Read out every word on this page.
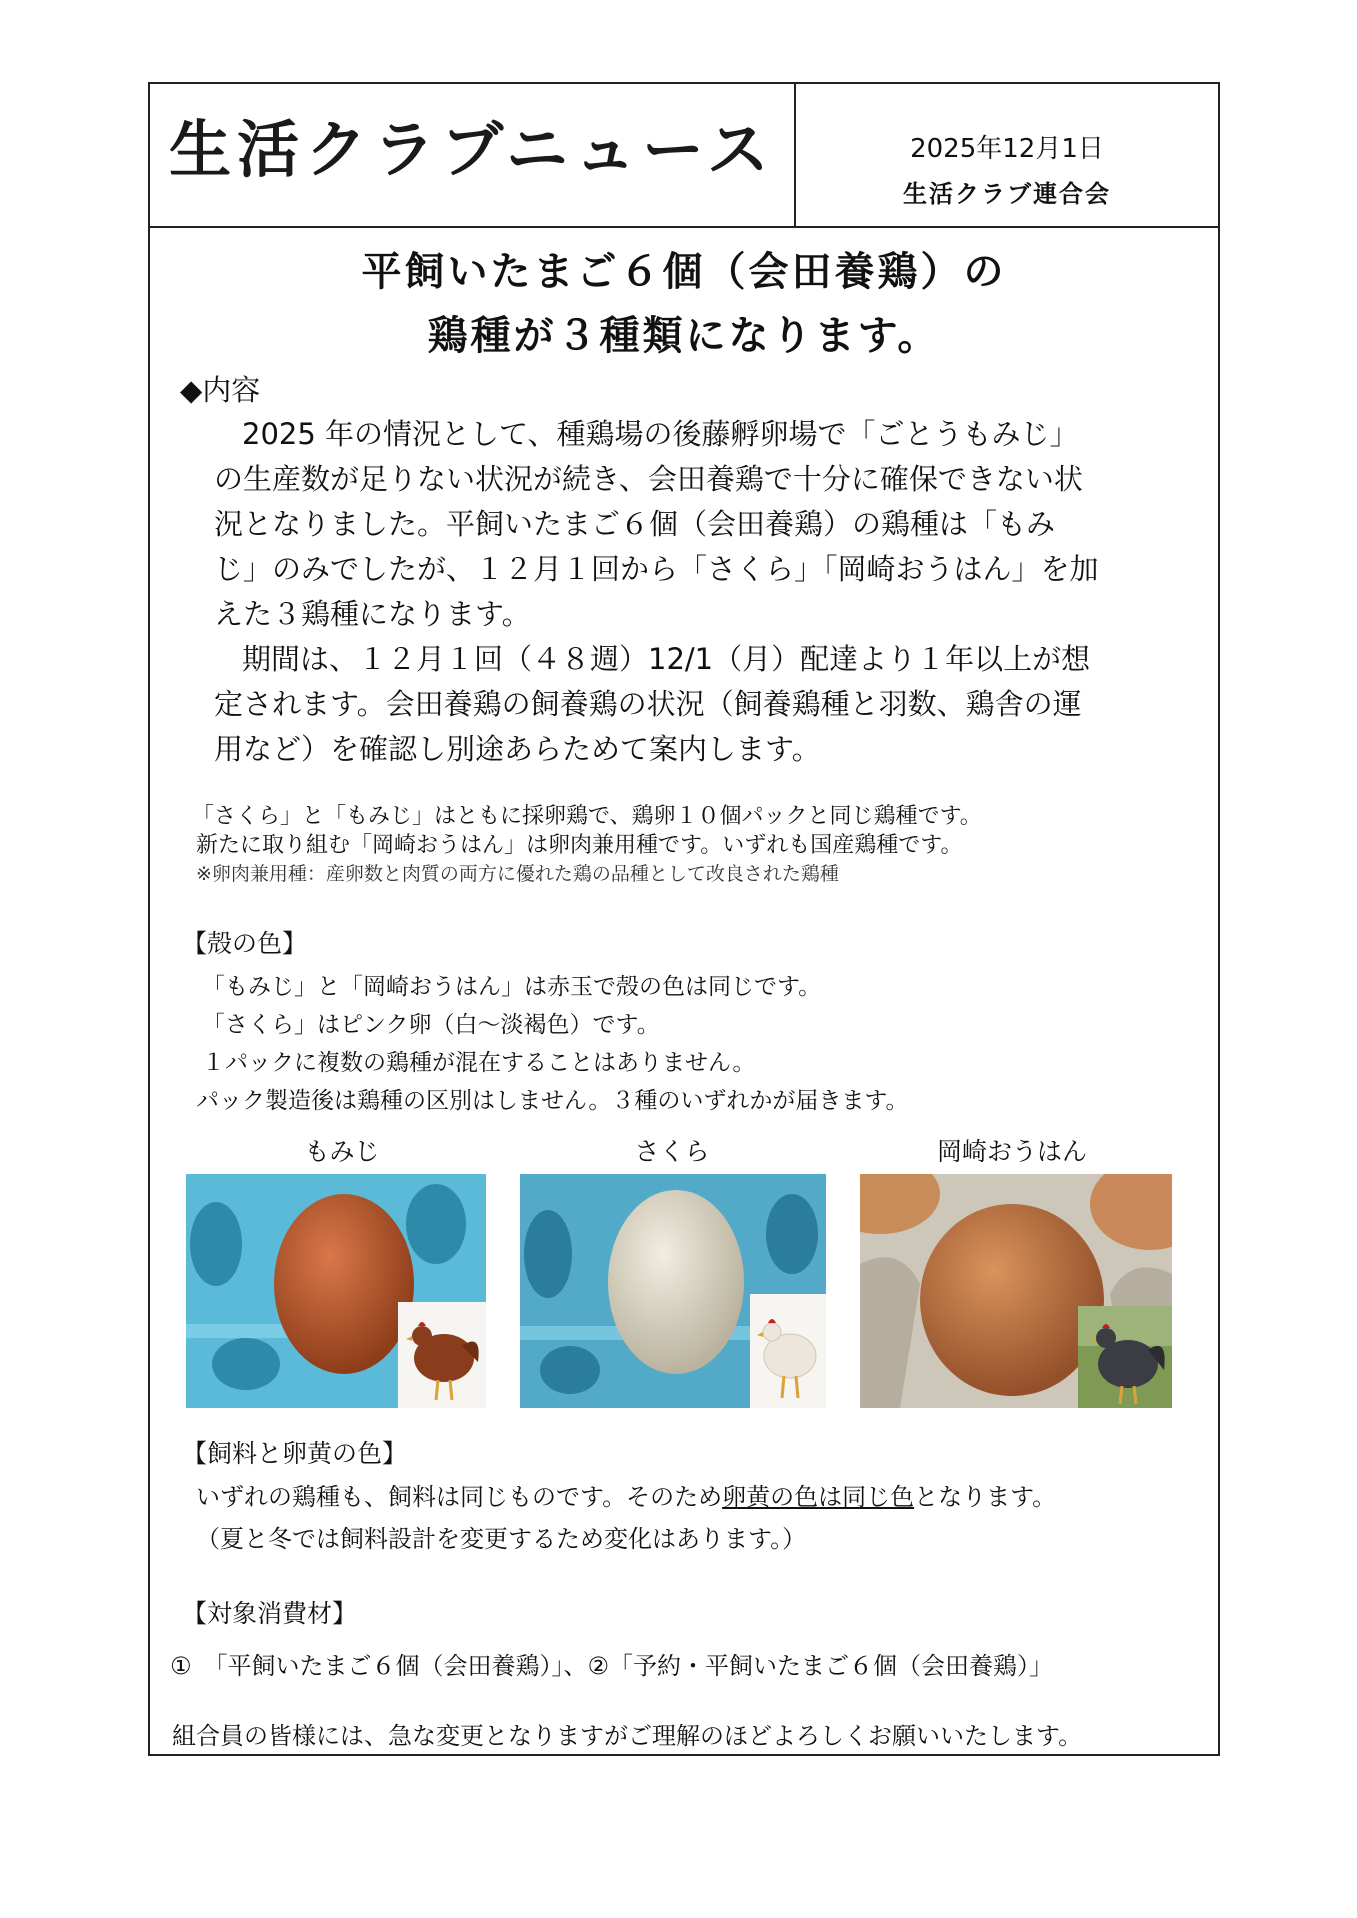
生活クラブニュース	2025年12月1日
生活クラブ連合会
平飼いたまご６個（会田養鶏）の
鶏種が３種類になります。
◆内容
2025 年の情況として、種鶏場の後藤孵卵場で「ごとうもみじ」
の生産数が足りない状況が続き、会田養鶏で十分に確保できない状
況となりました。平飼いたまご６個（会田養鶏）の鶏種は「もみ
じ」のみでしたが、１２月１回から「さくら」「岡崎おうはん」を加
えた３鶏種になります。
期間は、１２月１回（４８週）12/1（月）配達より１年以上が想
定されます。会田養鶏の飼養鶏の状況（飼養鶏種と羽数、鶏舎の運
用など）を確認し別途あらためて案内します。
「さくら」と「もみじ」はともに採卵鶏で、鶏卵１０個パックと同じ鶏種です。
新たに取り組む「岡崎おうはん」は卵肉兼用種です。いずれも国産鶏種です。
※卵肉兼用種：産卵数と肉質の両方に優れた鶏の品種として改良された鶏種
【殻の色】
「もみじ」と「岡崎おうはん」は赤玉で殻の色は同じです。
「さくら」はピンク卵（白～淡褐色）です。
１パックに複数の鶏種が混在することはありません。
パック製造後は鶏種の区別はしません。３種のいずれかが届きます。
もみじ	さくら	岡崎おうはん
【飼料と卵黄の色】
いずれの鶏種も、飼料は同じものです。そのため卵黄の色は同じ色となります。
（夏と冬では飼料設計を変更するため変化はあります。）
【対象消費材】
①　「平飼いたまご６個（会田養鶏）」、②「予約・平飼いたまご６個（会田養鶏）」
組合員の皆様には、急な変更となりますがご理解のほどよろしくお願いいたします。
